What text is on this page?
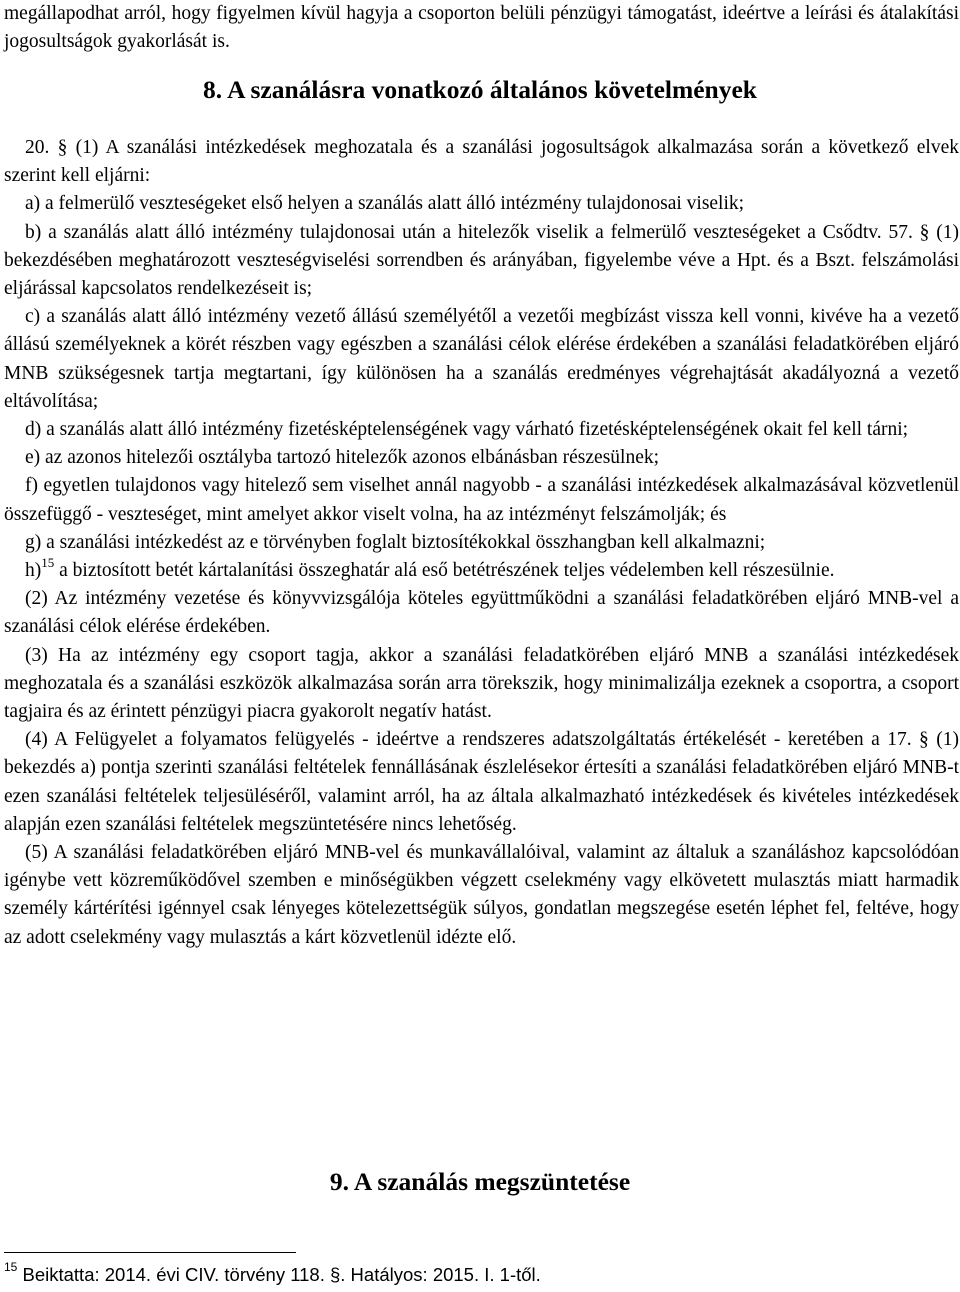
megállapodhat arról, hogy figyelmen kívül hagyja a csoporton belüli pénzügyi támogatást, ideértve a leírási és átalakítási jogosultságok gyakorlását is.

8. A szanálásra vonatkozó általános követelmények

20. § (1) A szanálási intézkedések meghozatala és a szanálási jogosultságok alkalmazása során a következő elvek szerint kell eljárni:

a) a felmerülő veszteségeket első helyen a szanálás alatt álló intézmény tulajdonosai viselik;

b) a szanálás alatt álló intézmény tulajdonosai után a hitelezők viselik a felmerülő veszteségeket a Csődtv. 57. § (1) bekezdésében meghatározott veszteségviselési sorrendben és arányában, figyelembe véve a Hpt. és a Bszt. felszámolási eljárással kapcsolatos rendelkezéseit is;

c) a szanálás alatt álló intézmény vezető állású személyétől a vezetői megbízást vissza kell vonni, kivéve ha a vezető állású személyeknek a körét részben vagy egészben a szanálási célok elérése érdekében a szanálási feladatkörében eljáró MNB szükségesnek tartja megtartani, így különösen ha a szanálás eredményes végrehajtását akadályozná a vezető eltávolítása;

d) a szanálás alatt álló intézmény fizetésképtelenségének vagy várható fizetésképtelenségének okait fel kell tárni;

e) az azonos hitelezői osztályba tartozó hitelezők azonos elbánásban részesülnek;

f) egyetlen tulajdonos vagy hitelező sem viselhet annál nagyobb - a szanálási intézkedések alkalmazásával közvetlenül összefüggő - veszteséget, mint amelyet akkor viselt volna, ha az intézményt felszámolják; és

g) a szanálási intézkedést az e törvényben foglalt biztosítékokkal összhangban kell alkalmazni;

h)$^{15}$ a biztosított betét kártalanítási összeghatár alá eső betétrészének teljes védelemben kell részesülnie.

(2) Az intézmény vezetése és könyvvizsgálója köteles együttműködni a szanálási feladatkörében eljáró MNB-vel a szanálási célok elérése érdekében.

(3) Ha az intézmény egy csoport tagja, akkor a szanálási feladatkörében eljáró MNB a szanálási intézkedések meghozatala és a szanálási eszközök alkalmazása során arra törekszik, hogy minimalizálja ezeknek a csoportra, a csoport tagjaira és az érintett pénzügyi piacra gyakorolt negatív hatást.

(4) A Felügyelet a folyamatos felügyelés - ideértve a rendszeres adatszolgáltatás értékelését - keretében a 17. § (1) bekezdés a) pontja szerinti szanálási feltételek fennállásának észlelésekor értesíti a szanálási feladatkörében eljáró MNB-t ezen szanálási feltételek teljesüléséről, valamint arról, ha az általa alkalmazható intézkedések és kivételes intézkedések alapján ezen szanálási feltételek megszüntetésére nincs lehetőség.

(5) A szanálási feladatkörében eljáró MNB-vel és munkavállalóival, valamint az általuk a szanáláshoz kapcsolódóan igénybe vett közreműködővel szemben e minőségükben végzett cselekmény vagy elkövetett mulasztás miatt harmadik személy kártérítési igénnyel csak lényeges kötelezettségük súlyos, gondatlan megszegése esetén léphet fel, feltéve, hogy az adott cselekmény vagy mulasztás a kárt közvetlenül idézte elő.

9. A szanálás megszüntetése
$^{15}$ Beiktatta: 2014. évi CIV. törvény 118. §. Hatályos: 2015. I. 1-től.
